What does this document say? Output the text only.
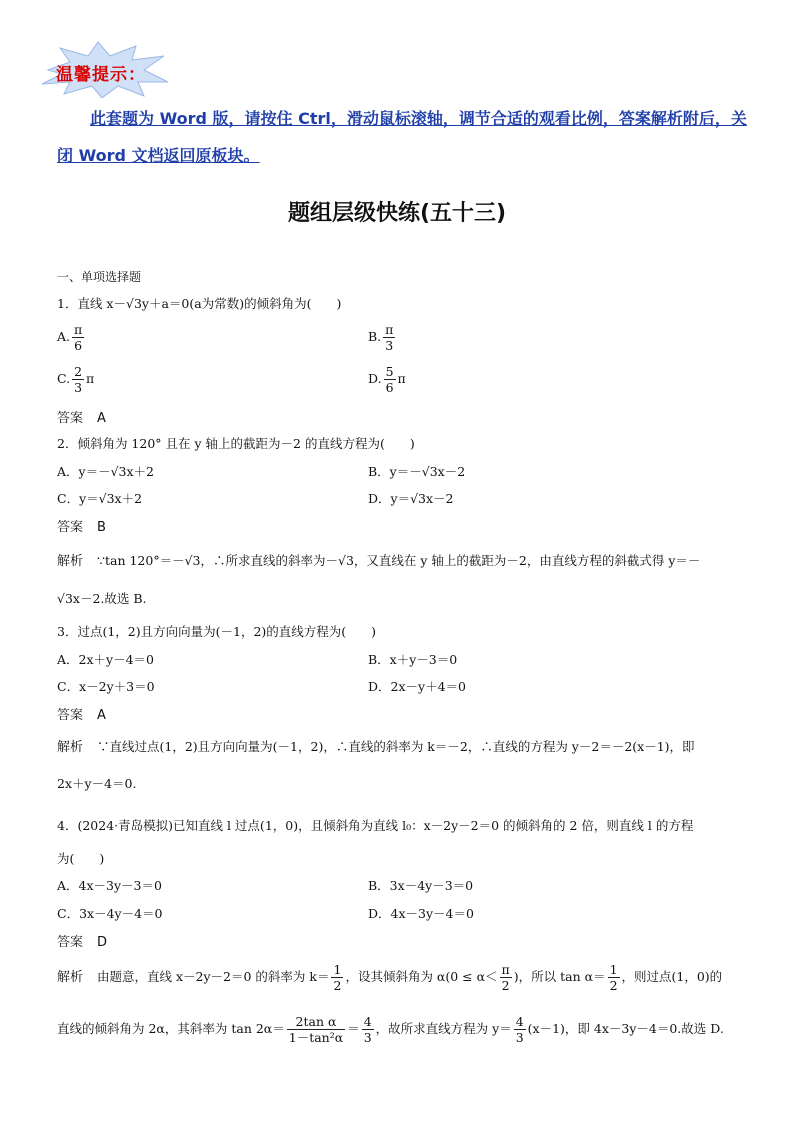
温馨提示：
此套题为 Word 版，请按住 Ctrl，滑动鼠标滚轴，调节合适的观看比例，答案解析附后，关闭 Word 文档返回原板块。
题组层级快练(五十三)
一、单项选择题
1．直线 x－√3y＋a＝0(a为常数)的倾斜角为(　　)
A. $\frac{\pi}{6}$	B. $\frac{\pi}{3}$
C. $\frac{2}{3}$ π	D. $\frac{5}{6}$ π
答案 A
2．倾斜角为 120° 且在 y 轴上的截距为－2 的直线方程为(　　)
A．y＝－√3x＋2	B．y＝－√3x－2
C．y＝√3x＋2	D．y＝√3x－2
答案 B
解析 ∵tan 120°＝－√3，∴所求直线的斜率为－√3，又直线在 y 轴上的截距为－2，由直线方程的斜截式得 y＝－
√3x－2.故选 B.
3．过点(1，2)且方向向量为(－1，2)的直线方程为(　　)
A．2x＋y－4＝0	B．x＋y－3＝0
C．x－2y＋3＝0	D．2x－y＋4＝0
答案 A
解析 ∵直线过点(1，2)且方向向量为(－1，2)，∴直线的斜率为 k＝－2，∴直线的方程为 y－2＝－2(x－1)，即
2x＋y－4＝0.
4．(2024·青岛模拟)已知直线 l 过点(1，0)，且倾斜角为直线 l₀：x－2y－2＝0 的倾斜角的 2 倍，则直线 l 的方程
为(　　)
A．4x－3y－3＝0	B．3x－4y－3＝0
C．3x－4y－4＝0	D．4x－3y－4＝0
答案 D
解析 由题意，直线 x－2y－2＝0 的斜率为 $k= \frac{1}{2}$ ，设其倾斜角为 $\alpha(0 \le \alpha< \frac{\pi}{2}$ )，所以 $\tan \alpha= \frac{1}{2}$ ，则过点(1，0)的
直线的倾斜角为 2α，其斜率为 $\tan 2\alpha= \frac{\text{2tan α}}{\text{1－tan²α}} = \frac{4}{3}$ ，故所求直线方程为 $y= \frac{4}{3} (x-1)$，即 4x－3y－4＝0.故选 D.
